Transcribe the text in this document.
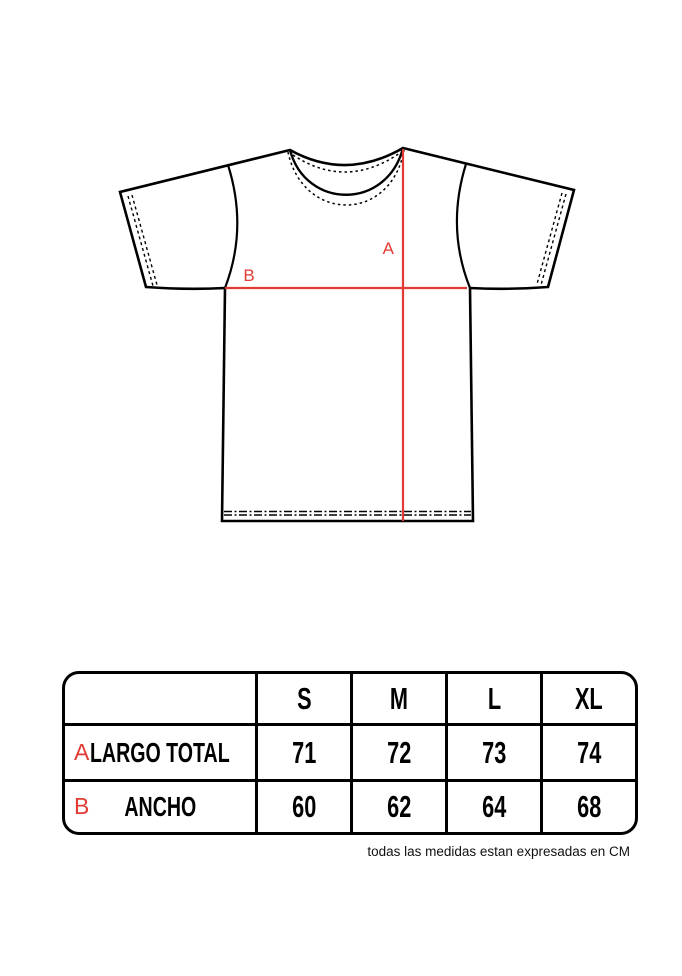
A
B
S	M	L XL
A LARGO TOTAL 71 72 73 74
B ANCHO	60 62 64 68
todas las medidas estan expresadas en CM
